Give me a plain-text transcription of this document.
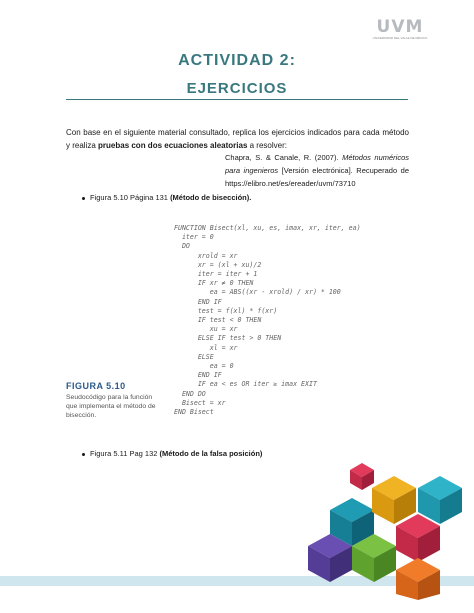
UVM
UNIVERSIDAD DEL VALLE DE MÉXICO
ACTIVIDAD 2:
EJERCICIOS
Con base en el siguiente material consultado, replica los ejercicios indicados para cada método y realiza pruebas con dos ecuaciones aleatorias a resolver:
Chapra, S. & Canale, R. (2007). Métodos numéricos para ingenieros [Versión electrónica]. Recuperado de https://elibro.net/es/ereader/uvm/73710
Figura 5.10 Página 131 (Método de bisección).
FUNCTION Bisect(xl, xu, es, imax, xr, iter, ea)
iter = 0
DO
xrold = xr
xr = (xl + xu)/2
iter = iter + 1
IF xr ≠ 0 THEN
ea = ABS((xr - xrold) / xr) * 100
END IF
test = f(xl) * f(xr)
IF test < 0 THEN
xu = xr
ELSE IF test > 0 THEN
xl = xr
ELSE
ea = 0
END IF
IF ea < es OR iter ≥ imax EXIT
END DO
Bisect = xr
END Bisect
FIGURA 5.10
Seudocódigo para la función que implementa el método de bisección.
Figura 5.11 Pag 132 (Método de la falsa posición)
